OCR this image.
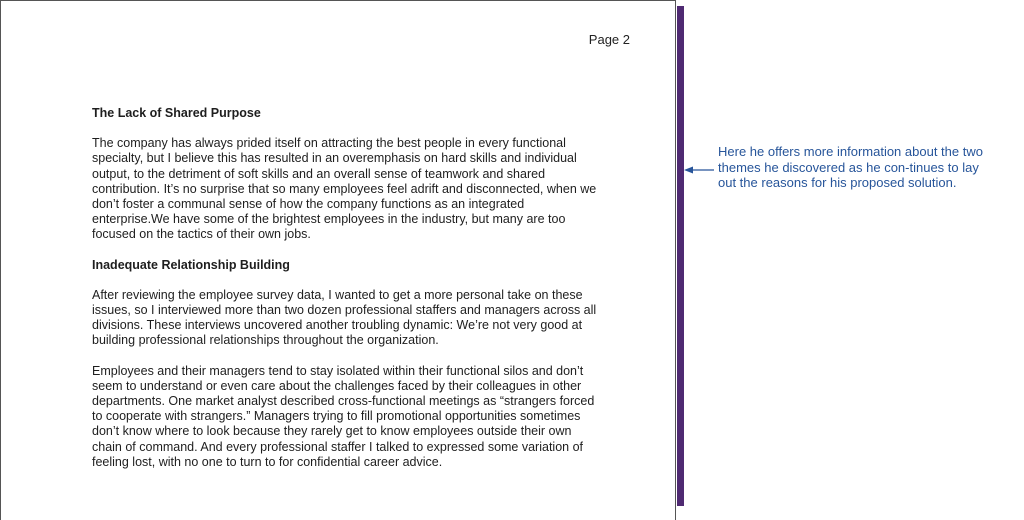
Page 2
The Lack of Shared Purpose

The company has always prided itself on attracting the best people in every functional specialty, but I believe this has resulted in an overemphasis on hard skills and individual output, to the detriment of soft skills and an overall sense of teamwork and shared contribution. It’s no surprise that so many employees feel adrift and disconnected, when we don’t foster a communal sense of how the company functions as an integrated enterprise.We have some of the brightest employees in the industry, but many are too focused on the tactics of their own jobs.

Inadequate Relationship Building

After reviewing the employee survey data, I wanted to get a more personal take on these issues, so I interviewed more than two dozen professional staffers and managers across all divisions. These interviews uncovered another troubling dynamic: We’re not very good at building professional relationships throughout the organization.

Employees and their managers tend to stay isolated within their functional silos and don’t seem to understand or even care about the challenges faced by their colleagues in other departments. One market analyst described cross-functional meetings as “strangers forced to cooperate with strangers.” Managers trying to fill promotional opportunities sometimes don’t know where to look because they rarely get to know employees outside their own chain of command. And every professional staffer I talked to expressed some variation of feeling lost, with no one to turn to for confidential career advice.

Here he offers more information about the two themes he discovered as he con-tinues to lay out the reasons for his proposed solution.
